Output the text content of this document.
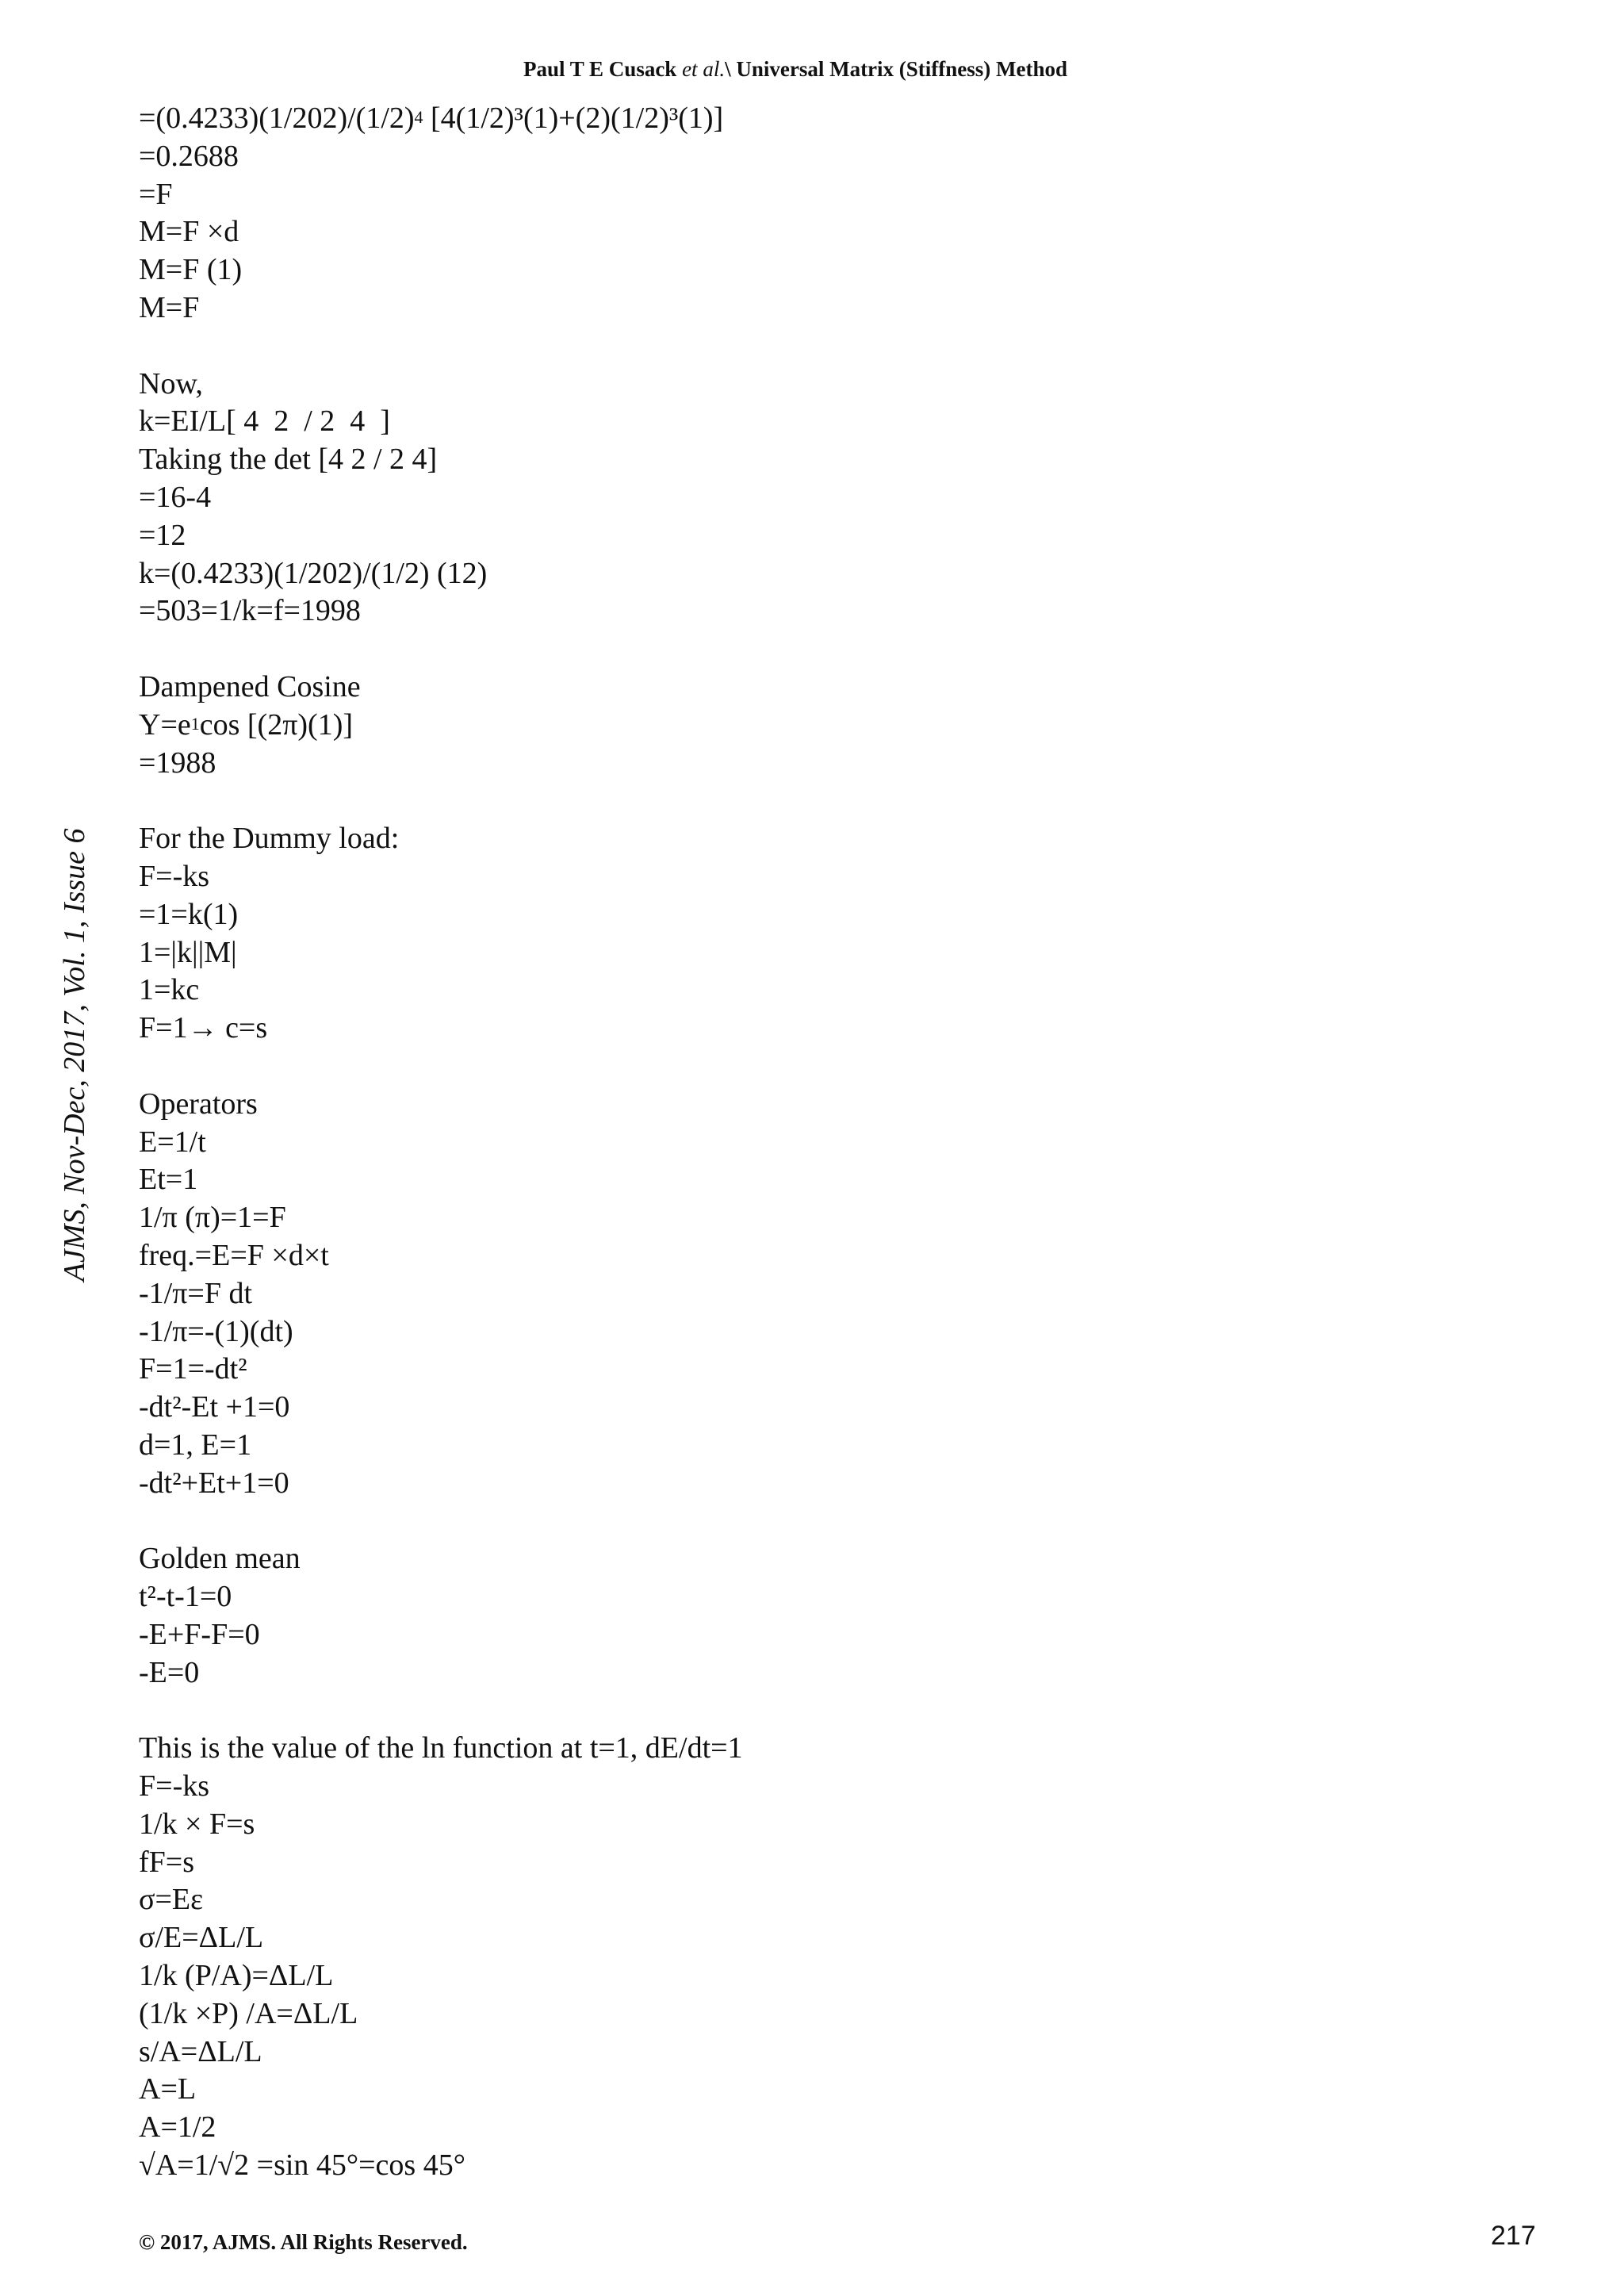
Paul T E Cusack et al.\ Universal Matrix (Stiffness) Method
AJMS, Nov-Dec, 2017, Vol. 1, Issue 6
$=(0.4233)(1/202)/(1/2)^4$ [4(1/2)³(1)+(2)(1/2)³(1)]
=0.2688
=F
M=F ×d
M=F (1)
M=F
Now,
k=EI/L[ 4  2  / 2  4  ]
Taking the det [4 2 / 2 4]
=16-4
=12
k=(0.4233)(1/202)/(1/2) (12)
=503=1/k=f=1998
Dampened Cosine
$Y=e^1\cos$ [(2π)(1)]
=1988
For the Dummy load:
F=-ks
=1=k(1)
1=|k||M|
1=kc
F=1→ c=s
Operators
E=1/t
Et=1
1/π (π)=1=F
freq.=E=F ×d×t
-1/π=F dt
-1/π=-(1)(dt)
F=1=-dt²
-dt²-Et +1=0
d=1, E=1
-dt²+Et+1=0
Golden mean
t²-t-1=0
-E+F-F=0
-E=0
This is the value of the ln function at t=1, dE/dt=1
F=-ks
1/k × F=s
fF=s
σ=Eε
σ/E=ΔL/L
1/k (P/A)=ΔL/L
(1/k ×P) /A=ΔL/L
s/A=ΔL/L
A=L
A=1/2
√A=1/√2 =sin 45°=cos 45°
© 2017, AJMS. All Rights Reserved.	217
